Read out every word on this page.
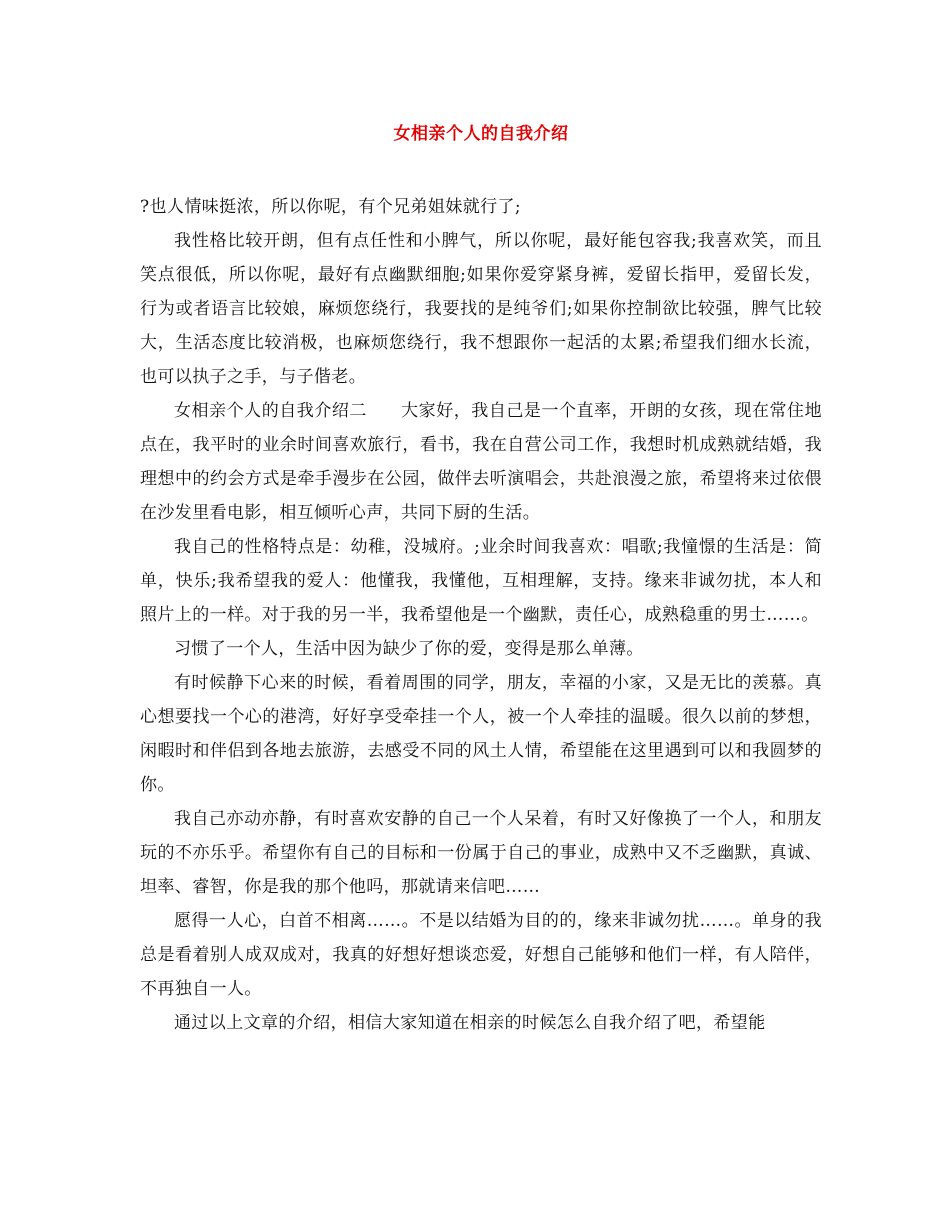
女相亲个人的自我介绍

?也人情味挺浓，所以你呢，有个兄弟姐妹就行了;

我性格比较开朗，但有点任性和小脾气，所以你呢，最好能包容我;我喜欢笑，而且笑点很低，所以你呢，最好有点幽默细胞;如果你爱穿紧身裤，爱留长指甲，爱留长发，行为或者语言比较娘，麻烦您绕行，我要找的是纯爷们;如果你控制欲比较强，脾气比较大，生活态度比较消极，也麻烦您绕行，我不想跟你一起活的太累;希望我们细水长流，也可以执子之手，与子偕老。

女相亲个人的自我介绍二 大家好，我自己是一个直率，开朗的女孩，现在常住地点在，我平时的业余时间喜欢旅行，看书，我在自营公司工作，我想时机成熟就结婚，我理想中的约会方式是牵手漫步在公园，做伴去听演唱会，共赴浪漫之旅，希望将来过依偎在沙发里看电影，相互倾听心声，共同下厨的生活。

我自己的性格特点是：幼稚，没城府。;业余时间我喜欢：唱歌;我憧憬的生活是：简单，快乐;我希望我的爱人：他懂我，我懂他，互相理解，支持。缘来非诚勿扰，本人和照片上的一样。对于我的另一半，我希望他是一个幽默，责任心，成熟稳重的男士……。

习惯了一个人，生活中因为缺少了你的爱，变得是那么单薄。

有时候静下心来的时候，看着周围的同学，朋友，幸福的小家，又是无比的羡慕。真心想要找一个心的港湾，好好享受牵挂一个人，被一个人牵挂的温暖。很久以前的梦想，闲暇时和伴侣到各地去旅游，去感受不同的风土人情，希望能在这里遇到可以和我圆梦的你。

我自己亦动亦静，有时喜欢安静的自己一个人呆着，有时又好像换了一个人，和朋友玩的不亦乐乎。希望你有自己的目标和一份属于自己的事业，成熟中又不乏幽默，真诚、坦率、睿智，你是我的那个他吗，那就请来信吧……

愿得一人心，白首不相离……。不是以结婚为目的的，缘来非诚勿扰……。单身的我总是看着别人成双成对，我真的好想好想谈恋爱，好想自己能够和他们一样，有人陪伴，不再独自一人。

通过以上文章的介绍，相信大家知道在相亲的时候怎么自我介绍了吧，希望能
